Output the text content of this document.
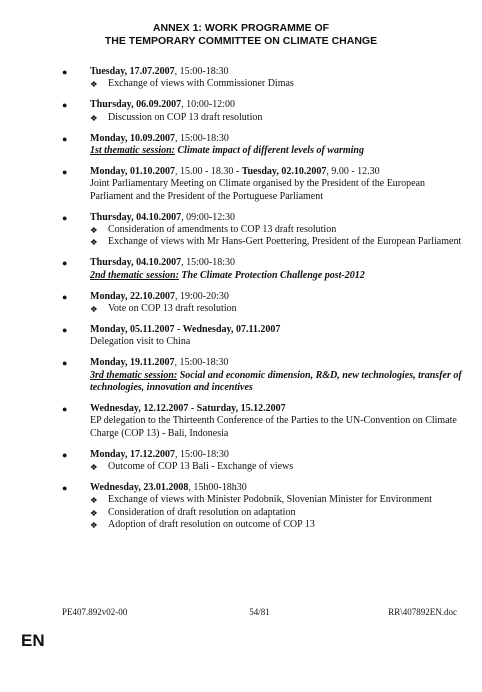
ANNEX 1: WORK PROGRAMME OF
THE TEMPORARY COMMITTEE ON CLIMATE CHANGE
● Tuesday, 17.07.2007, 15:00-18:30
❖ Exchange of views with Commissioner Dimas
● Thursday, 06.09.2007, 10:00-12:00
❖ Discussion on COP 13 draft resolution
● Monday, 10.09.2007, 15:00-18:30
1st thematic session: Climate impact of different levels of warming
● Monday, 01.10.2007, 15.00 - 18.30 - Tuesday, 02.10.2007, 9.00 - 12.30
Joint Parliamentary Meeting on Climate organised by the President of the European Parliament and the President of the Portuguese Parliament
● Thursday, 04.10.2007, 09:00-12:30
❖ Consideration of amendments to COP 13 draft resolution
❖ Exchange of views with Mr Hans-Gert Poettering, President of the European Parliament
● Thursday, 04.10.2007, 15:00-18:30
2nd thematic session: The Climate Protection Challenge post-2012
● Monday, 22.10.2007, 19:00-20:30
❖ Vote on COP 13 draft resolution
● Monday, 05.11.2007 - Wednesday, 07.11.2007
Delegation visit to China
● Monday, 19.11.2007, 15:00-18:30
3rd thematic session: Social and economic dimension, R&D, new technologies, transfer of technologies, innovation and incentives
● Wednesday, 12.12.2007 - Saturday, 15.12.2007
EP delegation to the Thirteenth Conference of the Parties to the UN-Convention on Climate Charge (COP 13) - Bali, Indonesia
● Monday, 17.12.2007, 15:00-18:30
❖ Outcome of COP 13 Bali - Exchange of views
● Wednesday, 23.01.2008, 15h00-18h30
❖ Exchange of views with Minister Podobnik, Slovenian Minister for Environment
❖ Consideration of draft resolution on adaptation
❖ Adoption of draft resolution on outcome of COP 13
PE407.892v02-00	54/81	RR\407892EN.doc
EN
